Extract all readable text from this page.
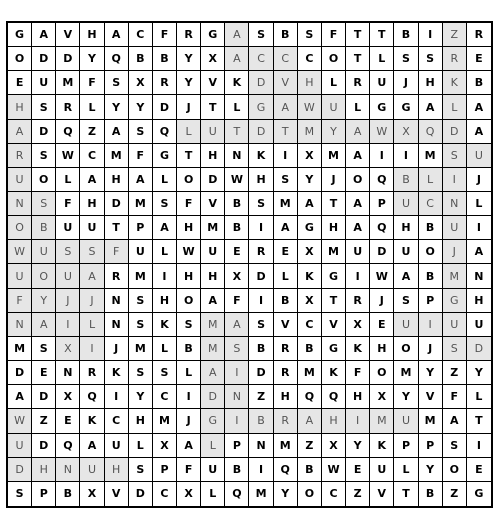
G	A	V	H	A	C	F	R	G	A	S	B	S	F	T	T	B	I	Z	R
O	D	D	Y	Q	B	B	Y	X	A	C	C	C	O	T	L	S	S	R	E
E	U	M	F	S	X	R	Y	V	K	D	V	H	L	R	U	J	H	K	B
H	S	R	L	Y	Y	D	J	T	L	G	A	W	U	L	G	G	A	L	A
A	D	Q	Z	A	S	Q	L	U	T	D	T	M	Y	A	W	X	Q	D	A
R	S	W	C	M	F	G	T	H	N	K	I	X	M	A	I	I	M	S	U
U	O	L	A	H	A	L	O	D	W	H	S	Y	J	O	Q	B	L	I	J
N	S	F	H	D	M	S	F	V	B	S	M	A	T	A	P	U	C	N	L
O	B	U	U	T	P	A	H	M	B	I	A	G	H	A	Q	H	B	U	I
W	U	S	S	F	U	L	W	U	E	R	E	X	M	U	D	U	O	J	A
U	O	U	A	R	M	I	H	H	X	D	L	K	G	I	W	A	B	M	N
F	Y	J	J	N	S	H	O	A	F	I	B	X	T	R	J	S	P	G	H
N	A	I	L	N	S	K	S	M	A	S	V	C	V	X	E	U	I	U	U
M	S	X	I	J	M	L	B	M	S	B	R	B	G	K	H	O	J	S	D
D	E	N	R	K	S	S	L	A	I	D	R	M	K	F	O	M	Y	Z	Y
A	D	X	Q	I	Y	C	I	D	N	Z	H	Q	Q	H	X	Y	V	F	L
W	Z	E	K	C	H	M	J	G	I	B	R	A	H	I	M	U	M	A	T
U	D	Q	A	U	L	X	A	L	P	N	M	Z	X	Y	K	P	P	S	I
D	H	N	U	H	S	P	F	U	B	I	Q	B	W	E	U	L	Y	O	E
S	P	B	X	V	D	C	X	L	Q	M	Y	O	C	Z	V	T	B	Z	G
